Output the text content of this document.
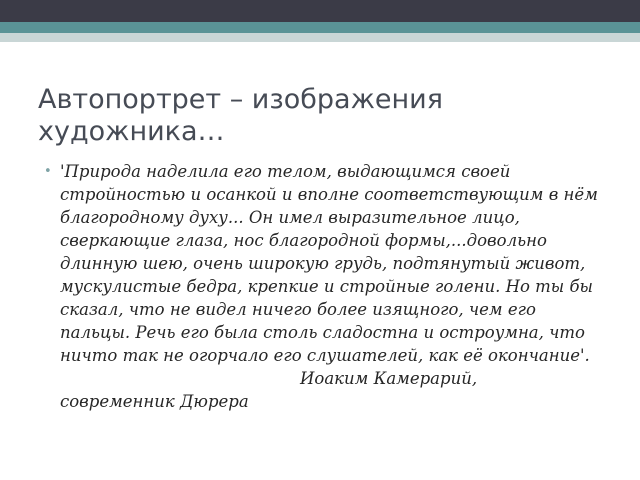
Автопортрет – изображения художника…
• 'Природа наделила его телом, выдающимся своей стройностью и осанкой и вполне соответствующим в нём благородному духу... Он имел выразительное лицо, сверкающие глаза, нос благородной формы,...довольно длинную шею, очень широкую грудь, подтянутый живот, мускулистые бедра, крепкие и стройные голени. Но ты бы сказал, что не видел ничего более изящного, чем его пальцы. Речь его была столь сладостна и остроумна, что ничто так не огорчало его слушателей, как её окончание'.

Иоаким Камерарий,
современник Дюрера
